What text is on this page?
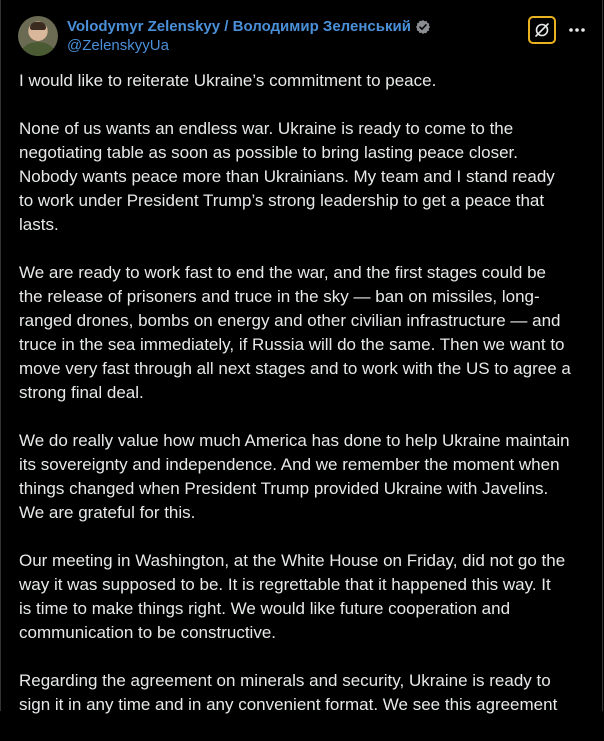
Volodymyr Zelenskyy / Володимир Зеленський
@ZelenskyyUa

I would like to reiterate Ukraine’s commitment to peace.

None of us wants an endless war. Ukraine is ready to come to the
negotiating table as soon as possible to bring lasting peace closer.
Nobody wants peace more than Ukrainians. My team and I stand ready
to work under President Trump’s strong leadership to get a peace that
lasts.

We are ready to work fast to end the war, and the first stages could be
the release of prisoners and truce in the sky — ban on missiles, long-
ranged drones, bombs on energy and other civilian infrastructure — and
truce in the sea immediately, if Russia will do the same. Then we want to
move very fast through all next stages and to work with the US to agree a
strong final deal.

We do really value how much America has done to help Ukraine maintain
its sovereignty and independence. And we remember the moment when
things changed when President Trump provided Ukraine with Javelins.
We are grateful for this.

Our meeting in Washington, at the White House on Friday, did not go the
way it was supposed to be. It is regrettable that it happened this way. It
is time to make things right. We would like future cooperation and
communication to be constructive.

Regarding the agreement on minerals and security, Ukraine is ready to
sign it in any time and in any convenient format. We see this agreement
